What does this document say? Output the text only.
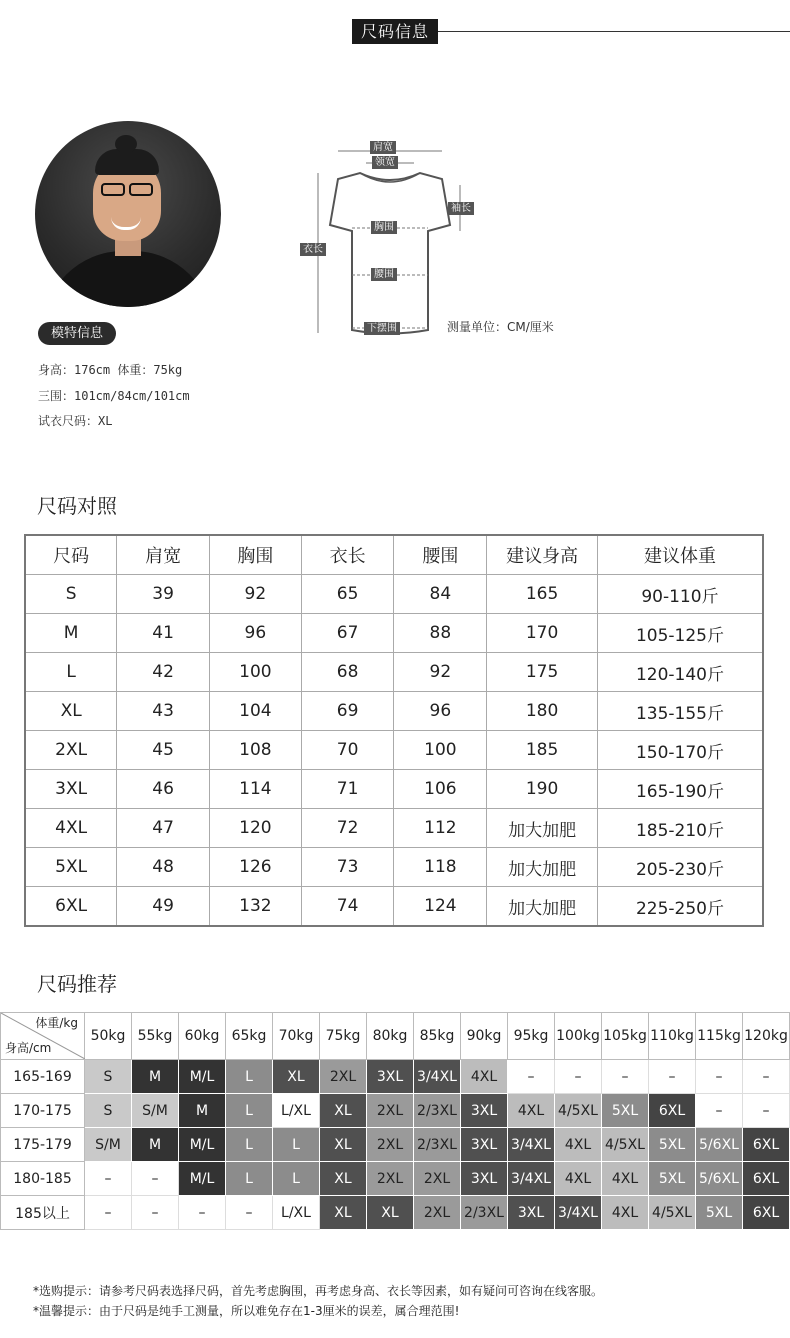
尺码信息
模特信息
身高：176cm 体重：75kg
三围：101cm/84cm/101cm
试衣尺码：XL
肩宽
领宽
袖长
衣长
胸围
腰围
下摆围	测量单位：CM/厘米
尺码对照
尺码	肩宽	胸围	衣长	腰围	建议身高	建议体重
S	39	92	65	84	165	90-110斤
M	41	96	67	88	170	105-125斤
L	42	100	68	92	175	120-140斤
XL	43	104	69	96	180	135-155斤
2XL	45	108	70	100	185	150-170斤
3XL	46	114	71	106	190	165-190斤
4XL	47	120	72	112	加大加肥	185-210斤
5XL	48	126	73	118	加大加肥	205-230斤
6XL	49	132	74	124	加大加肥	225-250斤
尺码推荐
体重/kg
身高/cm	50kg	55kg	60kg	65kg	70kg	75kg	80kg	85kg	90kg	95kg	100kg	105kg	110kg	115kg	120kg
165-169	S	M	M/L	L	XL	2XL	3XL	3/4XL	4XL	–	–	–	–	–	–
170-175	S	S/M	M	L	L/XL	XL	2XL	2/3XL	3XL	4XL	4/5XL	5XL	6XL	–	–
175-179	S/M	M	M/L	L	L	XL	2XL	2/3XL	3XL	3/4XL	4XL	4/5XL	5XL	5/6XL	6XL
180-185	–	–	M/L	L	L	XL	2XL	2XL	3XL	3/4XL	4XL	4XL	5XL	5/6XL	6XL
185以上	–	–	–	–	L/XL	XL	XL	2XL	2/3XL	3XL	3/4XL	4XL	4/5XL	5XL	6XL
*选购提示：请参考尺码表选择尺码，首先考虑胸围，再考虑身高、衣长等因素，如有疑问可咨询在线客服。
*温馨提示：由于尺码是纯手工测量，所以难免存在1-3厘米的误差，属合理范围!
